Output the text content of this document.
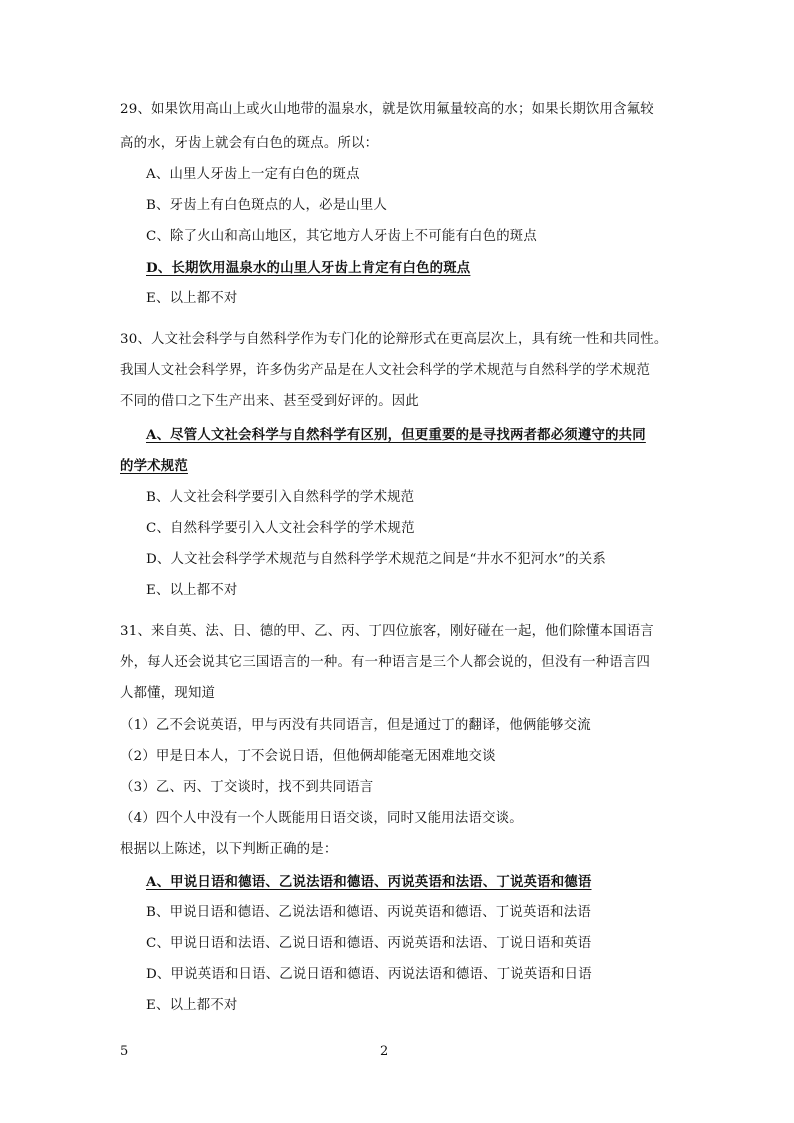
29、如果饮用高山上或火山地带的温泉水，就是饮用氟量较高的水；如果长期饮用含氟较
高的水，牙齿上就会有白色的斑点。所以：
A、山里人牙齿上一定有白色的斑点
B、牙齿上有白色斑点的人，必是山里人
C、除了火山和高山地区，其它地方人牙齿上不可能有白色的斑点
D、长期饮用温泉水的山里人牙齿上肯定有白色的斑点
E、以上都不对
30、人文社会科学与自然科学作为专门化的论辩形式在更高层次上，具有统一性和共同性。
我国人文社会科学界，许多伪劣产品是在人文社会科学的学术规范与自然科学的学术规范
不同的借口之下生产出来、甚至受到好评的。因此
A、尽管人文社会科学与自然科学有区别，但更重要的是寻找两者都必须遵守的共同
的学术规范
B、人文社会科学要引入自然科学的学术规范
C、自然科学要引入人文社会科学的学术规范
D、人文社会科学学术规范与自然科学学术规范之间是“井水不犯河水”的关系
E、以上都不对
31、来自英、法、日、德的甲、乙、丙、丁四位旅客，刚好碰在一起，他们除懂本国语言
外，每人还会说其它三国语言的一种。有一种语言是三个人都会说的，但没有一种语言四
人都懂，现知道
（1）乙不会说英语，甲与丙没有共同语言，但是通过丁的翻译，他俩能够交流
（2）甲是日本人，丁不会说日语，但他俩却能毫无困难地交谈
（3）乙、丙、丁交谈时，找不到共同语言
（4）四个人中没有一个人既能用日语交谈，同时又能用法语交谈。
根据以上陈述，以下判断正确的是：
A、甲说日语和德语、乙说法语和德语、丙说英语和法语、丁说英语和德语
B、甲说日语和德语、乙说法语和德语、丙说英语和德语、丁说英语和法语
C、甲说日语和法语、乙说日语和德语、丙说英语和法语、丁说日语和英语
D、甲说英语和日语、乙说日语和德语、丙说法语和德语、丁说英语和日语
E、以上都不对
5	2
